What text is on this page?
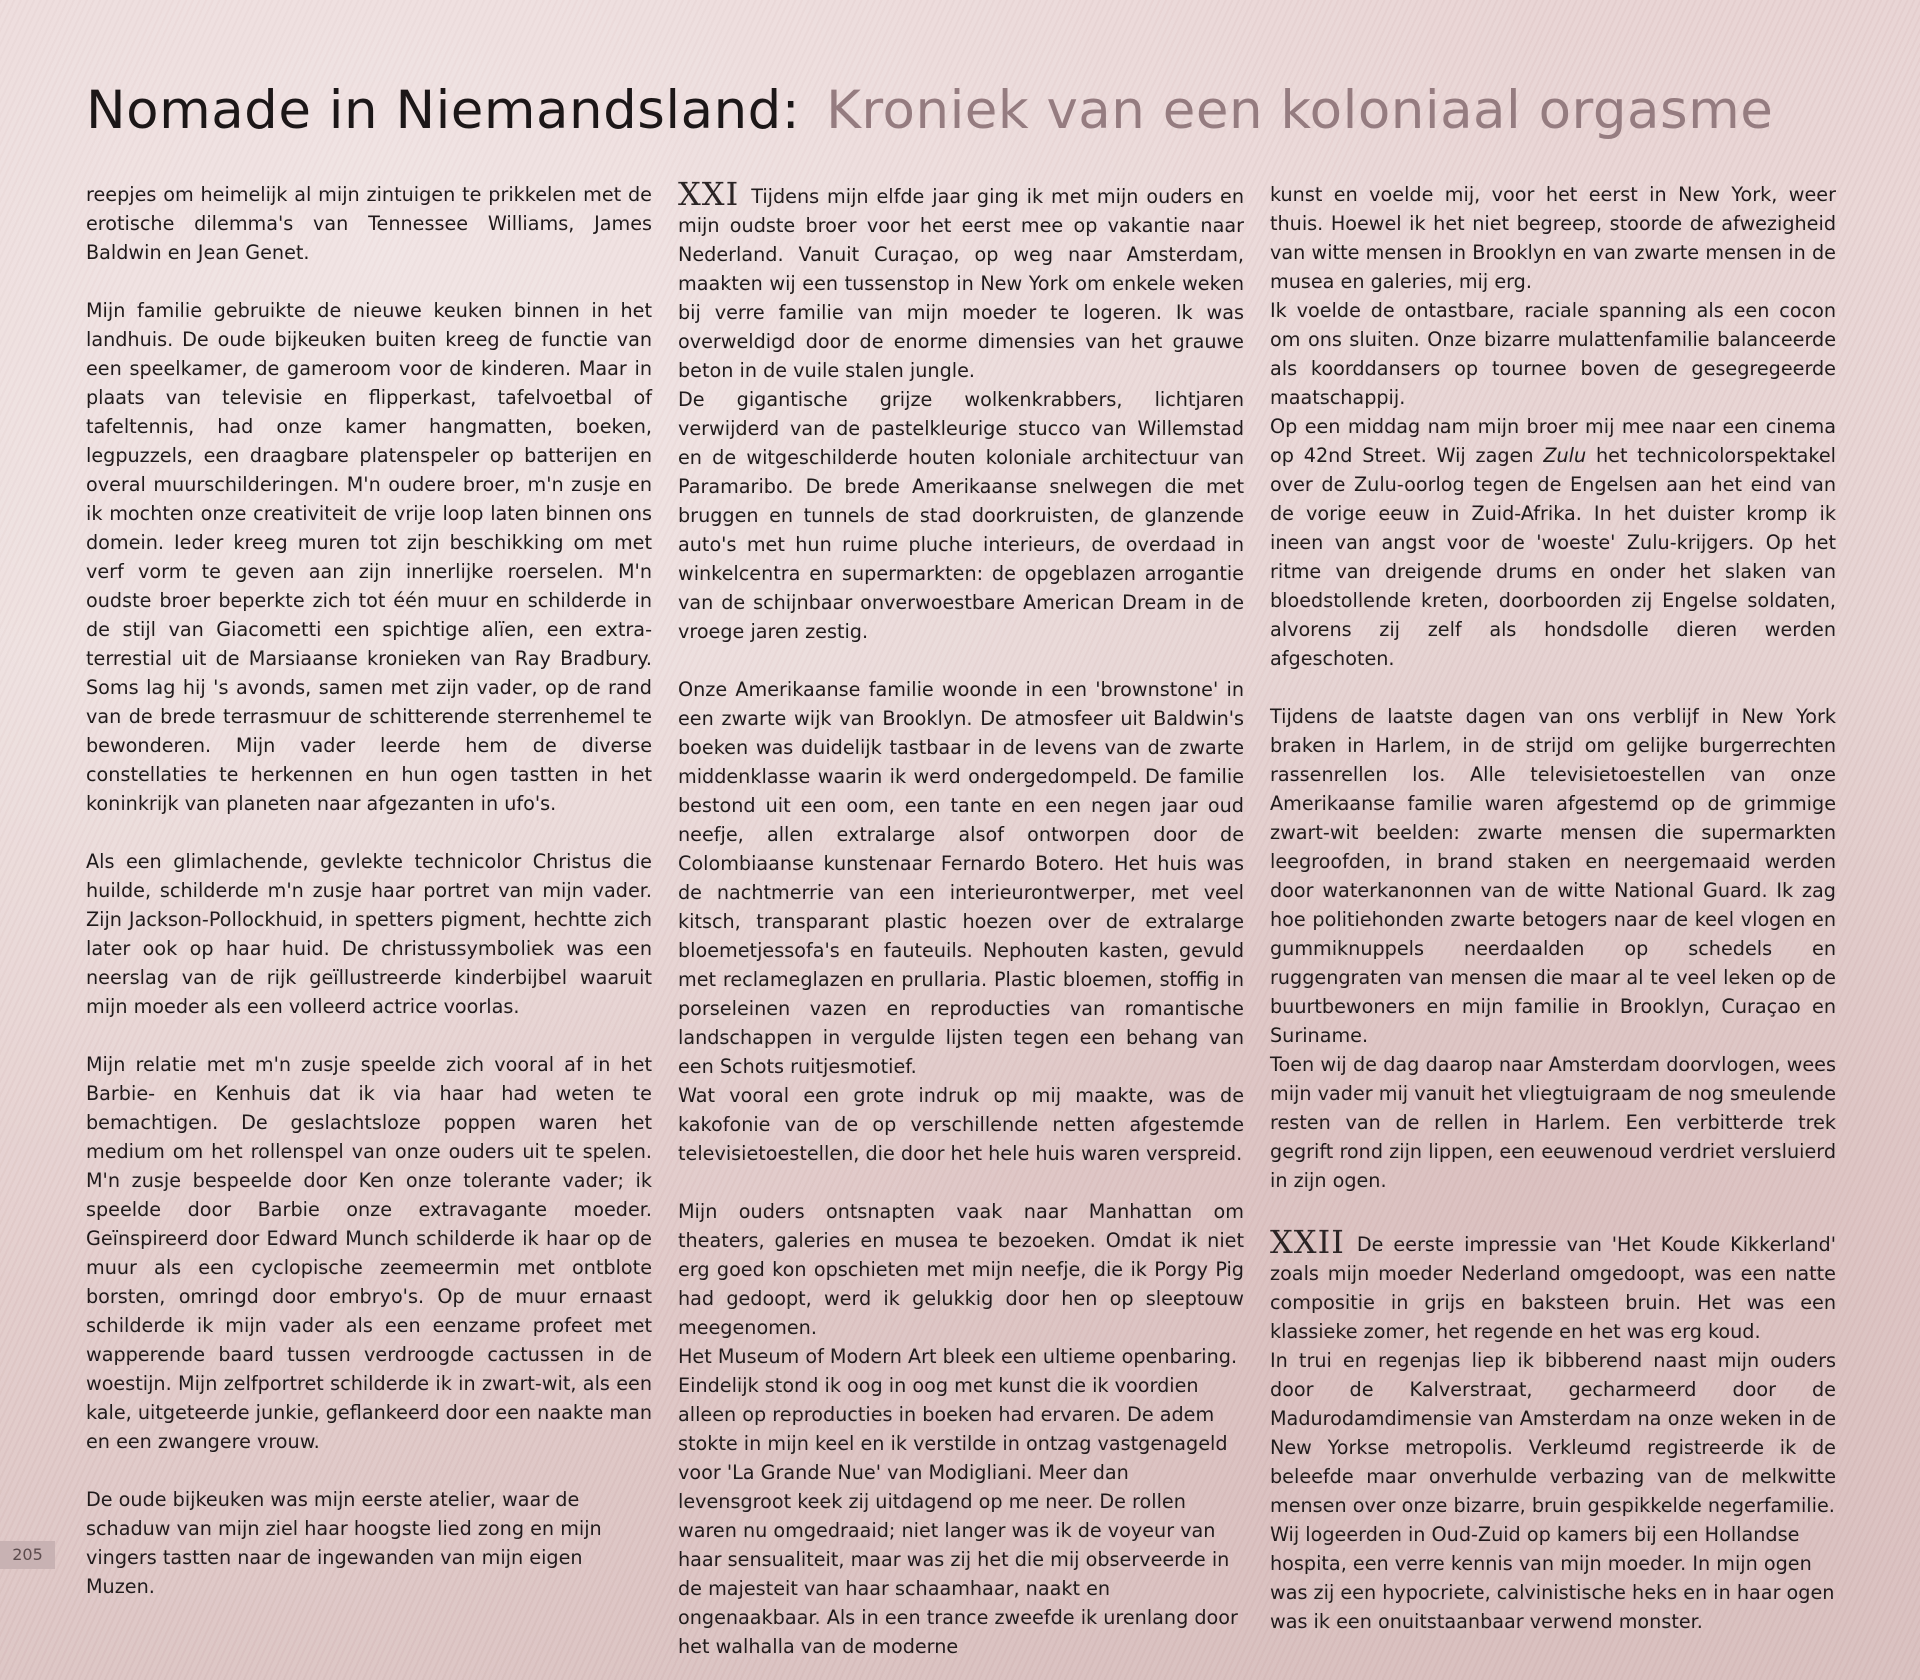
Nomade in Niemandsland: Kroniek van een koloniaal orgasme

reepjes om heimelijk al mijn zintuigen te prikkelen met de erotische dilemma's van Tennessee Williams, James Baldwin en Jean Genet.

Mijn familie gebruikte de nieuwe keuken binnen in het landhuis. De oude bijkeuken buiten kreeg de functie van een speelkamer, de gameroom voor de kinderen. Maar in plaats van televisie en flipperkast, tafelvoetbal of tafeltennis, had onze kamer hangmatten, boeken, legpuzzels, een draagbare platenspeler op batterijen en overal muurschilderingen. M'n oudere broer, m'n zusje en ik mochten onze creativiteit de vrije loop laten binnen ons domein. Ieder kreeg muren tot zijn beschikking om met verf vorm te geven aan zijn innerlijke roerselen. M'n oudste broer beperkte zich tot één muur en schilderde in de stijl van Giacometti een spichtige alïen, een extra-terrestial uit de Marsiaanse kronieken van Ray Bradbury. Soms lag hij 's avonds, samen met zijn vader, op de rand van de brede terrasmuur de schitterende sterrenhemel te bewonderen. Mijn vader leerde hem de diverse constellaties te herkennen en hun ogen tastten in het koninkrijk van planeten naar afgezanten in ufo's.

Als een glimlachende, gevlekte technicolor Christus die huilde, schilderde m'n zusje haar portret van mijn vader. Zijn Jackson-Pollockhuid, in spetters pigment, hechtte zich later ook op haar huid. De christussymboliek was een neerslag van de rijk geïllustreerde kinderbijbel waaruit mijn moeder als een volleerd actrice voorlas.

Mijn relatie met m'n zusje speelde zich vooral af in het Barbie- en Kenhuis dat ik via haar had weten te bemachtigen. De geslachtsloze poppen waren het medium om het rollenspel van onze ouders uit te spelen. M'n zusje bespeelde door Ken onze tolerante vader; ik speelde door Barbie onze extravagante moeder. Geïnspireerd door Edward Munch schilderde ik haar op de muur als een cyclopische zeemeermin met ontblote borsten, omringd door embryo's. Op de muur ernaast schilderde ik mijn vader als een eenzame profeet met wapperende baard tussen verdroogde cactussen in de woestijn. Mijn zelfportret schilderde ik in zwart-wit, als een kale, uitgeteerde junkie, geflankeerd door een naakte man en een zwangere vrouw.

De oude bijkeuken was mijn eerste atelier, waar de schaduw van mijn ziel haar hoogste lied zong en mijn vingers tastten naar de ingewanden van mijn eigen Muzen.

XXI Tijdens mijn elfde jaar ging ik met mijn ouders en mijn oudste broer voor het eerst mee op vakantie naar Nederland. Vanuit Curaçao, op weg naar Amsterdam, maakten wij een tussenstop in New York om enkele weken bij verre familie van mijn moeder te logeren. Ik was overweldigd door de enorme dimensies van het grauwe beton in de vuile stalen jungle.

De gigantische grijze wolkenkrabbers, lichtjaren verwijderd van de pastelkleurige stucco van Willemstad en de witgeschilderde houten koloniale architectuur van Paramaribo. De brede Amerikaanse snelwegen die met bruggen en tunnels de stad doorkruisten, de glanzende auto's met hun ruime pluche interieurs, de overdaad in winkelcentra en supermarkten: de opgeblazen arrogantie van de schijnbaar onverwoestbare American Dream in de vroege jaren zestig.

Onze Amerikaanse familie woonde in een 'brownstone' in een zwarte wijk van Brooklyn. De atmosfeer uit Baldwin's boeken was duidelijk tastbaar in de levens van de zwarte middenklasse waarin ik werd ondergedompeld. De familie bestond uit een oom, een tante en een negen jaar oud neefje, allen extralarge alsof ontworpen door de Colombiaanse kunstenaar Fernardo Botero. Het huis was de nachtmerrie van een interieurontwerper, met veel kitsch, transparant plastic hoezen over de extralarge bloemetjessofa's en fauteuils. Nephouten kasten, gevuld met reclameglazen en prullaria. Plastic bloemen, stoffig in porseleinen vazen en reproducties van romantische landschappen in vergulde lijsten tegen een behang van een Schots ruitjesmotief.

Wat vooral een grote indruk op mij maakte, was de kakofonie van de op verschillende netten afgestemde televisietoestellen, die door het hele huis waren verspreid.

Mijn ouders ontsnapten vaak naar Manhattan om theaters, galeries en musea te bezoeken. Omdat ik niet erg goed kon opschieten met mijn neefje, die ik Porgy Pig had gedoopt, werd ik gelukkig door hen op sleeptouw meegenomen.

Het Museum of Modern Art bleek een ultieme openbaring. Eindelijk stond ik oog in oog met kunst die ik voordien alleen op reproducties in boeken had ervaren. De adem stokte in mijn keel en ik verstilde in ontzag vastgenageld voor 'La Grande Nue' van Modigliani. Meer dan levensgroot keek zij uitdagend op me neer. De rollen waren nu omgedraaid; niet langer was ik de voyeur van haar sensualiteit, maar was zij het die mij observeerde in de majesteit van haar schaamhaar, naakt en ongenaakbaar. Als in een trance zweefde ik urenlang door het walhalla van de moderne

kunst en voelde mij, voor het eerst in New York, weer thuis. Hoewel ik het niet begreep, stoorde de afwezigheid van witte mensen in Brooklyn en van zwarte mensen in de musea en galeries, mij erg.

Ik voelde de ontastbare, raciale spanning als een cocon om ons sluiten. Onze bizarre mulattenfamilie balanceerde als koorddansers op tournee boven de gesegregeerde maatschappij.

Op een middag nam mijn broer mij mee naar een cinema op 42nd Street. Wij zagen Zulu het technicolorspektakel over de Zulu-oorlog tegen de Engelsen aan het eind van de vorige eeuw in Zuid-Afrika. In het duister kromp ik ineen van angst voor de 'woeste' Zulu-krijgers. Op het ritme van dreigende drums en onder het slaken van bloedstollende kreten, doorboorden zij Engelse soldaten, alvorens zij zelf als hondsdolle dieren werden afgeschoten.

Tijdens de laatste dagen van ons verblijf in New York braken in Harlem, in de strijd om gelijke burgerrechten rassenrellen los. Alle televisietoestellen van onze Amerikaanse familie waren afgestemd op de grimmige zwart-wit beelden: zwarte mensen die supermarkten leegroofden, in brand staken en neergemaaid werden door waterkanonnen van de witte National Guard. Ik zag hoe politiehonden zwarte betogers naar de keel vlogen en gummiknuppels neerdaalden op schedels en ruggengraten van mensen die maar al te veel leken op de buurtbewoners en mijn familie in Brooklyn, Curaçao en Suriname.

Toen wij de dag daarop naar Amsterdam doorvlogen, wees mijn vader mij vanuit het vliegtuigraam de nog smeulende resten van de rellen in Harlem. Een verbitterde trek gegrift rond zijn lippen, een eeuwenoud verdriet versluierd in zijn ogen.

XXII De eerste impressie van 'Het Koude Kikkerland' zoals mijn moeder Nederland omgedoopt, was een natte compositie in grijs en baksteen bruin. Het was een klassieke zomer, het regende en het was erg koud.

In trui en regenjas liep ik bibberend naast mijn ouders door de Kalverstraat, gecharmeerd door de Madurodamdimensie van Amsterdam na onze weken in de New Yorkse metropolis. Verkleumd registreerde ik de beleefde maar onverhulde verbazing van de melkwitte mensen over onze bizarre, bruin gespikkelde negerfamilie.

Wij logeerden in Oud-Zuid op kamers bij een Hollandse hospita, een verre kennis van mijn moeder. In mijn ogen was zij een hypocriete, calvinistische heks en in haar ogen was ik een onuitstaanbaar verwend monster.

205
